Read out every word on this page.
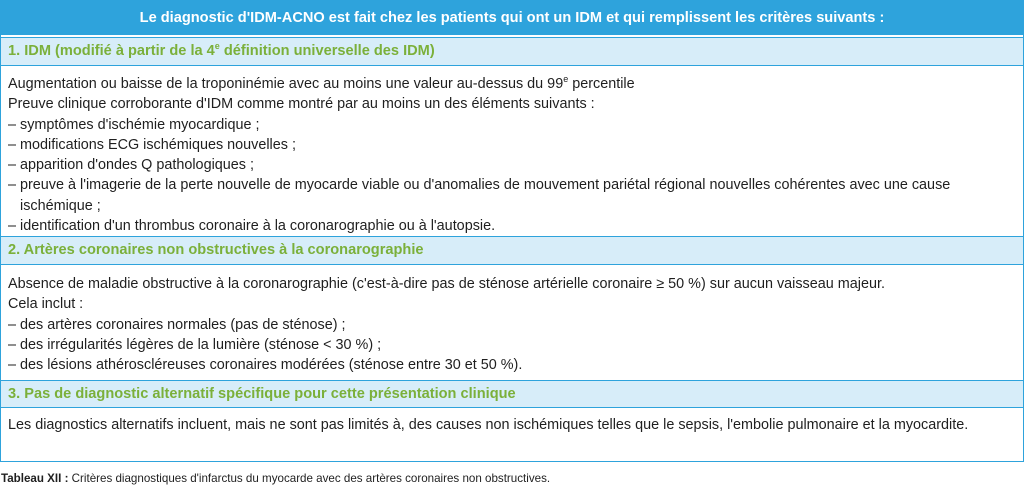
Le diagnostic d'IDM-ACNO est fait chez les patients qui ont un IDM et qui remplissent les critères suivants :
1. IDM (modifié à partir de la 4e définition universelle des IDM)
Augmentation ou baisse de la troponinémie avec au moins une valeur au-dessus du 99e percentile
Preuve clinique corroborante d'IDM comme montré par au moins un des éléments suivants :
– symptômes d'ischémie myocardique ;
– modifications ECG ischémiques nouvelles ;
– apparition d'ondes Q pathologiques ;
– preuve à l'imagerie de la perte nouvelle de myocarde viable ou d'anomalies de mouvement pariétal régional nouvelles cohérentes avec une cause ischémique ;
– identification d'un thrombus coronaire à la coronarographie ou à l'autopsie.
2. Artères coronaires non obstructives à la coronarographie
Absence de maladie obstructive à la coronarographie (c'est-à-dire pas de sténose artérielle coronaire ≥ 50 %) sur aucun vaisseau majeur.
Cela inclut :
– des artères coronaires normales (pas de sténose) ;
– des irrégularités légères de la lumière (sténose < 30 %) ;
– des lésions athéroscléreuses coronaires modérées (sténose entre 30 et 50 %).
3. Pas de diagnostic alternatif spécifique pour cette présentation clinique
Les diagnostics alternatifs incluent, mais ne sont pas limités à, des causes non ischémiques telles que le sepsis, l'embolie pulmonaire et la myocardite.
Tableau XII : Critères diagnostiques d'infarctus du myocarde avec des artères coronaires non obstructives.
